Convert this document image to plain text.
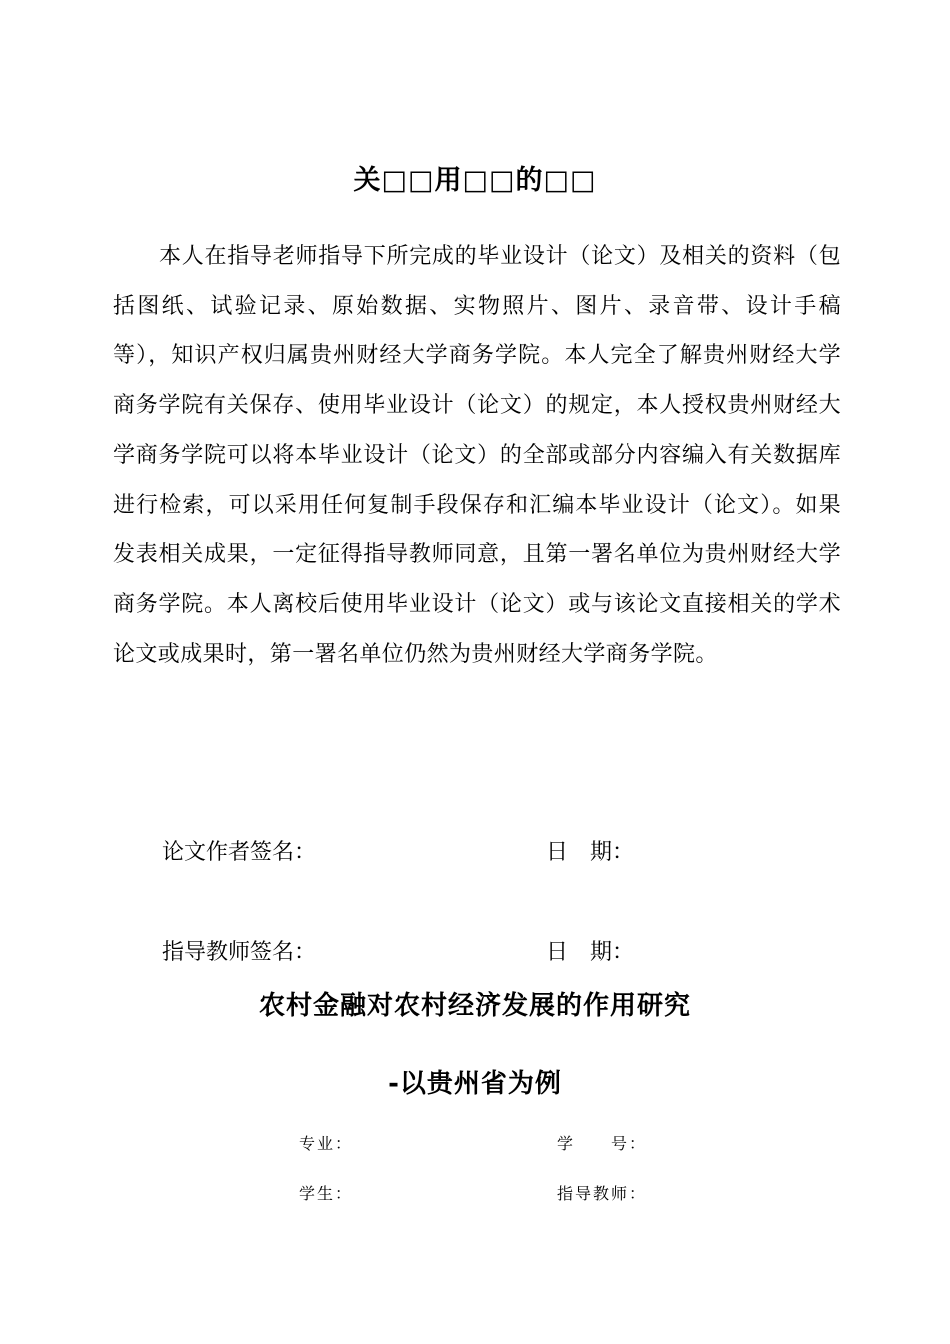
关□□用□□的□□

本人在指导老师指导下所完成的毕业设计（论文）及相关的资料（包括图纸、试验记录、原始数据、实物照片、图片、录音带、设计手稿等），知识产权归属贵州财经大学商务学院。本人完全了解贵州财经大学商务学院有关保存、使用毕业设计（论文）的规定，本人授权贵州财经大学商务学院可以将本毕业设计（论文）的全部或部分内容编入有关数据库进行检索，可以采用任何复制手段保存和汇编本毕业设计（论文）。如果发表相关成果，一定征得指导教师同意，且第一署名单位为贵州财经大学商务学院。本人离校后使用毕业设计（论文）或与该论文直接相关的学术论文或成果时，第一署名单位仍然为贵州财经大学商务学院。

论文作者签名：	日　期：
指导教师签名：	日　期：
农村金融对农村经济发展的作用研究
-以贵州省为例
专业：	学　　号：
学生：	指导教师：
